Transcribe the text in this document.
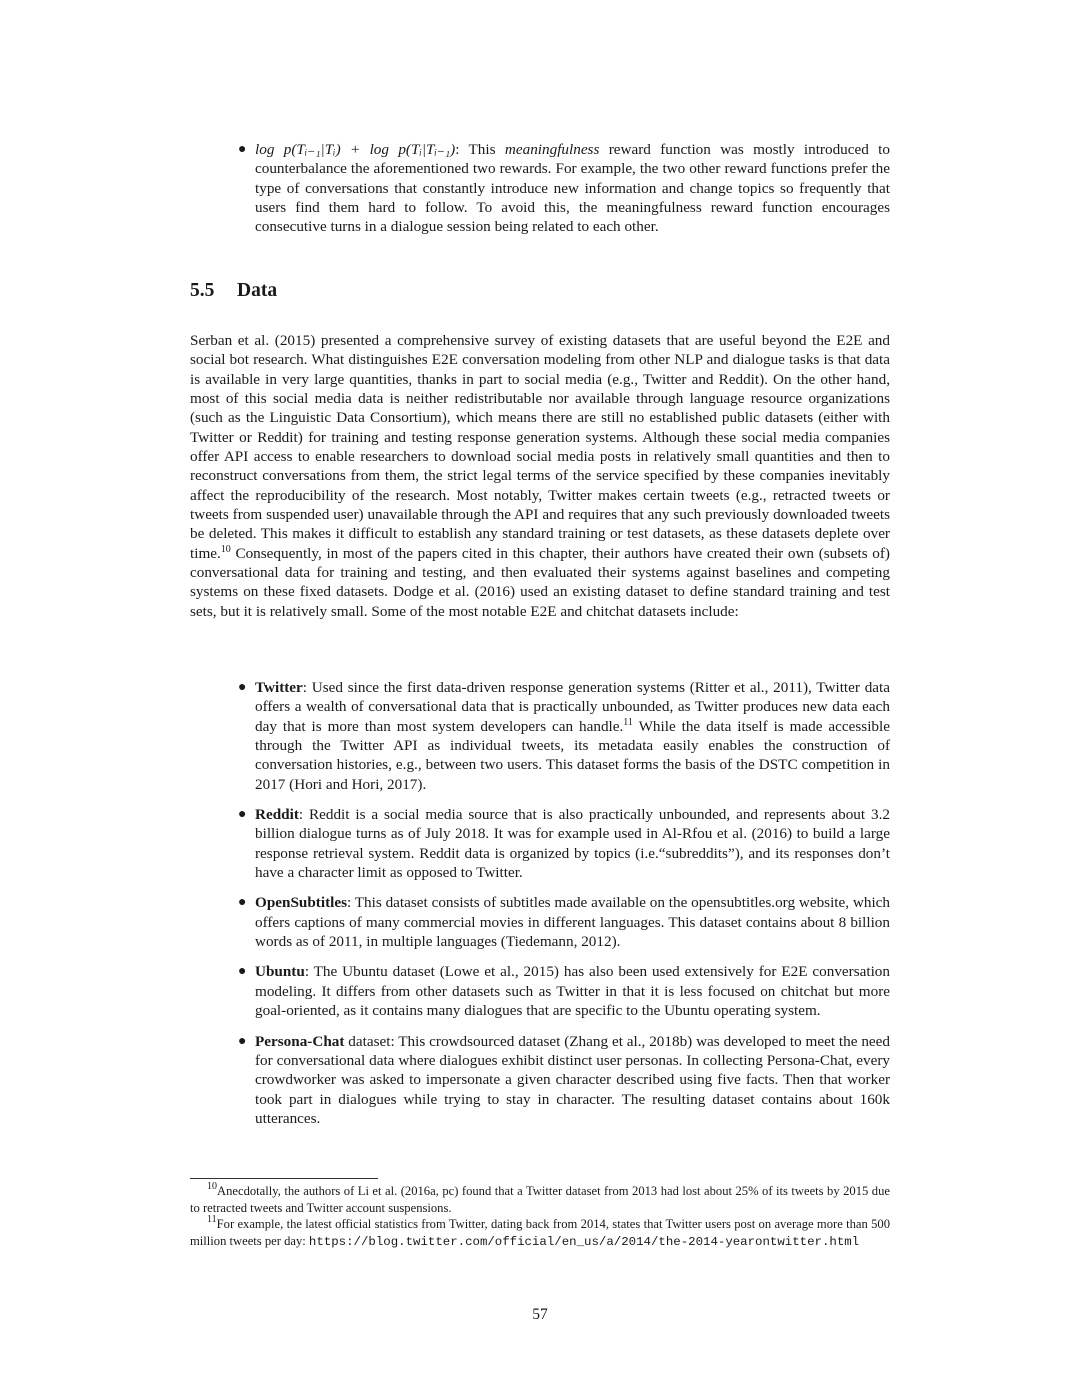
● log p(Tᵢ₋₁|Tᵢ) + log p(Tᵢ|Tᵢ₋₁): This meaningfulness reward function was mostly introduced to counterbalance the aforementioned two rewards. For example, the two other reward functions prefer the type of conversations that constantly introduce new information and change topics so frequently that users find them hard to follow. To avoid this, the meaningfulness reward function encourages consecutive turns in a dialogue session being related to each other.
5.5 Data

Serban et al. (2015) presented a comprehensive survey of existing datasets that are useful beyond the E2E and social bot research. What distinguishes E2E conversation modeling from other NLP and dialogue tasks is that data is available in very large quantities, thanks in part to social media (e.g., Twitter and Reddit). On the other hand, most of this social media data is neither redistributable nor available through language resource organizations (such as the Linguistic Data Consortium), which means there are still no established public datasets (either with Twitter or Reddit) for training and testing response generation systems. Although these social media companies offer API access to enable researchers to download social media posts in relatively small quantities and then to reconstruct conversations from them, the strict legal terms of the service specified by these companies inevitably affect the reproducibility of the research. Most notably, Twitter makes certain tweets (e.g., retracted tweets or tweets from suspended user) unavailable through the API and requires that any such previously downloaded tweets be deleted. This makes it difficult to establish any standard training or test datasets, as these datasets deplete over time.$^{10}$ Consequently, in most of the papers cited in this chapter, their authors have created their own (subsets of) conversational data for training and testing, and then evaluated their systems against baselines and competing systems on these fixed datasets. Dodge et al. (2016) used an existing dataset to define standard training and test sets, but it is relatively small. Some of the most notable E2E and chitchat datasets include:

● Twitter: Used since the first data-driven response generation systems (Ritter et al., 2011), Twitter data offers a wealth of conversational data that is practically unbounded, as Twitter produces new data each day that is more than most system developers can handle.$^{11}$ While the data itself is made accessible through the Twitter API as individual tweets, its metadata easily enables the construction of conversation histories, e.g., between two users. This dataset forms the basis of the DSTC competition in 2017 (Hori and Hori, 2017).
● Reddit: Reddit is a social media source that is also practically unbounded, and represents about 3.2 billion dialogue turns as of July 2018. It was for example used in Al-Rfou et al. (2016) to build a large response retrieval system. Reddit data is organized by topics (i.e.“subreddits”), and its responses don’t have a character limit as opposed to Twitter.
● OpenSubtitles: This dataset consists of subtitles made available on the opensubtitles.org website, which offers captions of many commercial movies in different languages. This dataset contains about 8 billion words as of 2011, in multiple languages (Tiedemann, 2012).
● Ubuntu: The Ubuntu dataset (Lowe et al., 2015) has also been used extensively for E2E conversation modeling. It differs from other datasets such as Twitter in that it is less focused on chitchat but more goal-oriented, as it contains many dialogues that are specific to the Ubuntu operating system.
● Persona-Chat dataset: This crowdsourced dataset (Zhang et al., 2018b) was developed to meet the need for conversational data where dialogues exhibit distinct user personas. In collecting Persona-Chat, every crowdworker was asked to impersonate a given character described using five facts. Then that worker took part in dialogues while trying to stay in character. The resulting dataset contains about 160k utterances.

$^{10}$Anecdotally, the authors of Li et al. (2016a, pc) found that a Twitter dataset from 2013 had lost about 25% of its tweets by 2015 due to retracted tweets and Twitter account suspensions.

$^{11}$For example, the latest official statistics from Twitter, dating back from 2014, states that Twitter users post on average more than 500 million tweets per day: https://blog.twitter.com/official/en_us/a/2014/the-2014-yearontwitter.html

57
